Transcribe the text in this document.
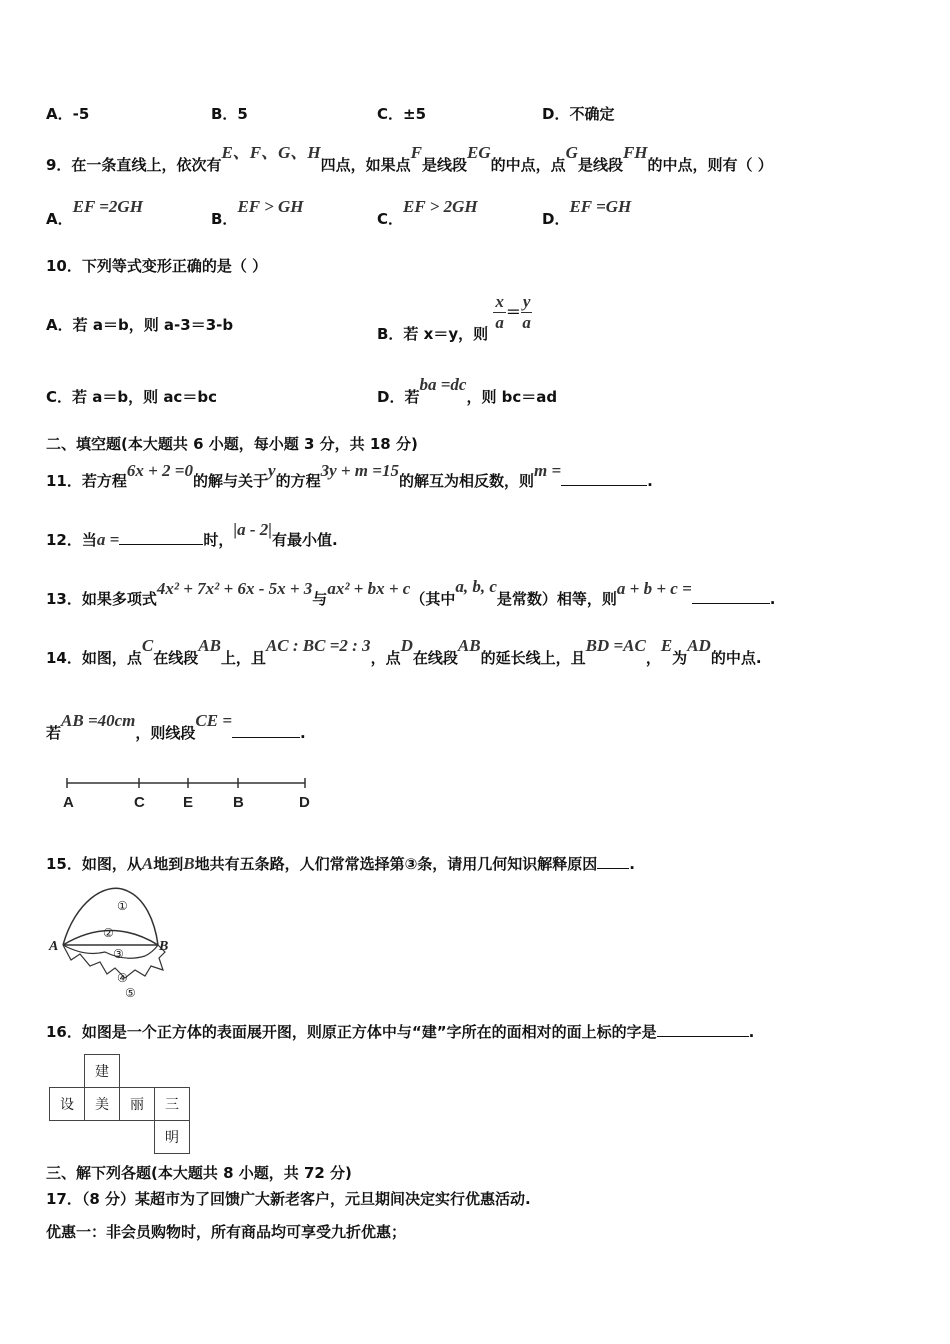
A．-5	B．5	C．±5	D．不确定
9．在一条直线上，依次有E、F、G、H四点，如果点F是线段EG的中点，点G是线段FH的中点，则有（ ）
A．EF =2GH
B．EF > GH
C．EF > 2GH
D．EF =GH
10．下列等式变形正确的是（ ）
A．若 a＝b，则 a-3＝3-b	B．若 x＝y，则
$\frac{x}{a} = \frac{y}{a}$
C．若 a＝b，则 ac＝bc	D．若ba =dc，则 bc＝ad
二、填空题(本大题共 6 小题，每小题 3 分，共 18 分)
11．若方程6x + 2 =0的解与关于y的方程3y + m =15的解互为相反数，则m =.
12．当a =	时，|a - 2|有最小值.
13．如果多项式4x² + 7x² + 6x - 5x + 3与ax² + bx + c（其中a, b, c是常数）相等，则a + b + c =.
14．如图，点C在线段AB上，且AC : BC =2 : 3，点D在线段AB的延长线上，且BD =AC，E为AD的中点.
若AB =40cm，则线段CE =.
A	C	E	B	D
15．如图，从A地到B地共有五条路，人们常常选择第③条，请用几何知识解释原因 .
①
②
③
④
⑤
A	B
16．如图是一个正方体的表面展开图，则原正方体中与“建”字所在的面相对的面上标的字是	.
	建		
设	美	丽	三
			明
三、解下列各题(本大题共 8 小题，共 72 分)
17．（8 分）某超市为了回馈广大新老客户，元旦期间决定实行优惠活动.
优惠一：非会员购物时，所有商品均可享受九折优惠；
